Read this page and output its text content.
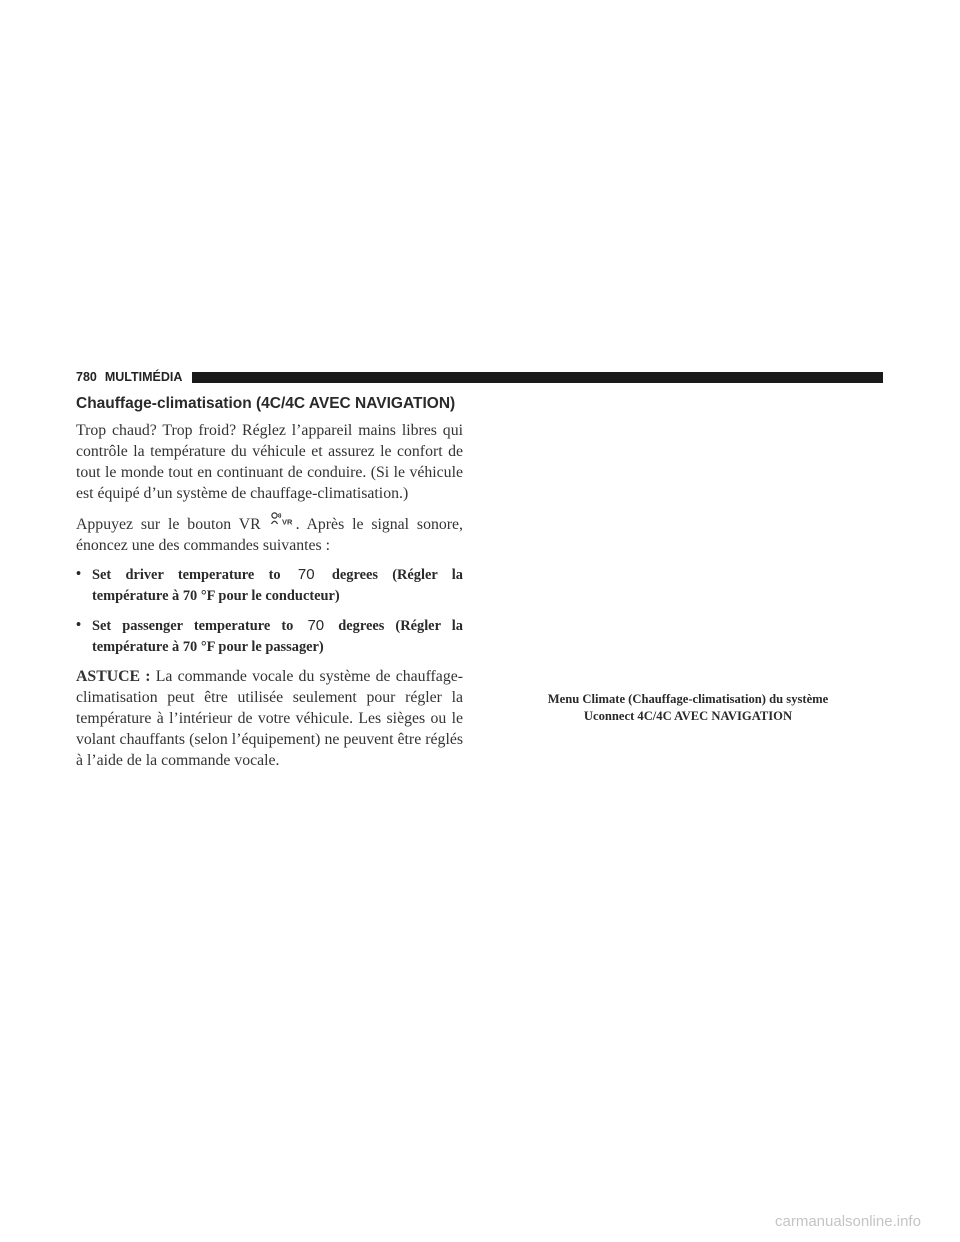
780 MULTIMÉDIA
Chauffage-climatisation (4C/4C AVEC NAVIGATION)

Trop chaud? Trop froid? Réglez l’appareil mains libres qui contrôle la température du véhicule et assurez le confort de tout le monde tout en continuant de conduire. (Si le véhicule est équipé d’un système de chauffage-climatisation.)

Appuyez sur le bouton VR	VR . Après le signal sonore, énoncez une des commandes suivantes :

• Set driver temperature to 70 degrees (Régler la température à 70 °F pour le conducteur)
• Set passenger temperature to 70 degrees (Régler la température à 70 °F pour le passager)

ASTUCE : La commande vocale du système de chauffage-climatisation peut être utilisée seulement pour régler la température à l’intérieur de votre véhicule. Les sièges ou le volant chauffants (selon l’équipement) ne peuvent être réglés à l’aide de la commande vocale.

Menu Climate (Chauffage-climatisation) du système
Uconnect 4C/4C AVEC NAVIGATION
carmanualsonline.info
